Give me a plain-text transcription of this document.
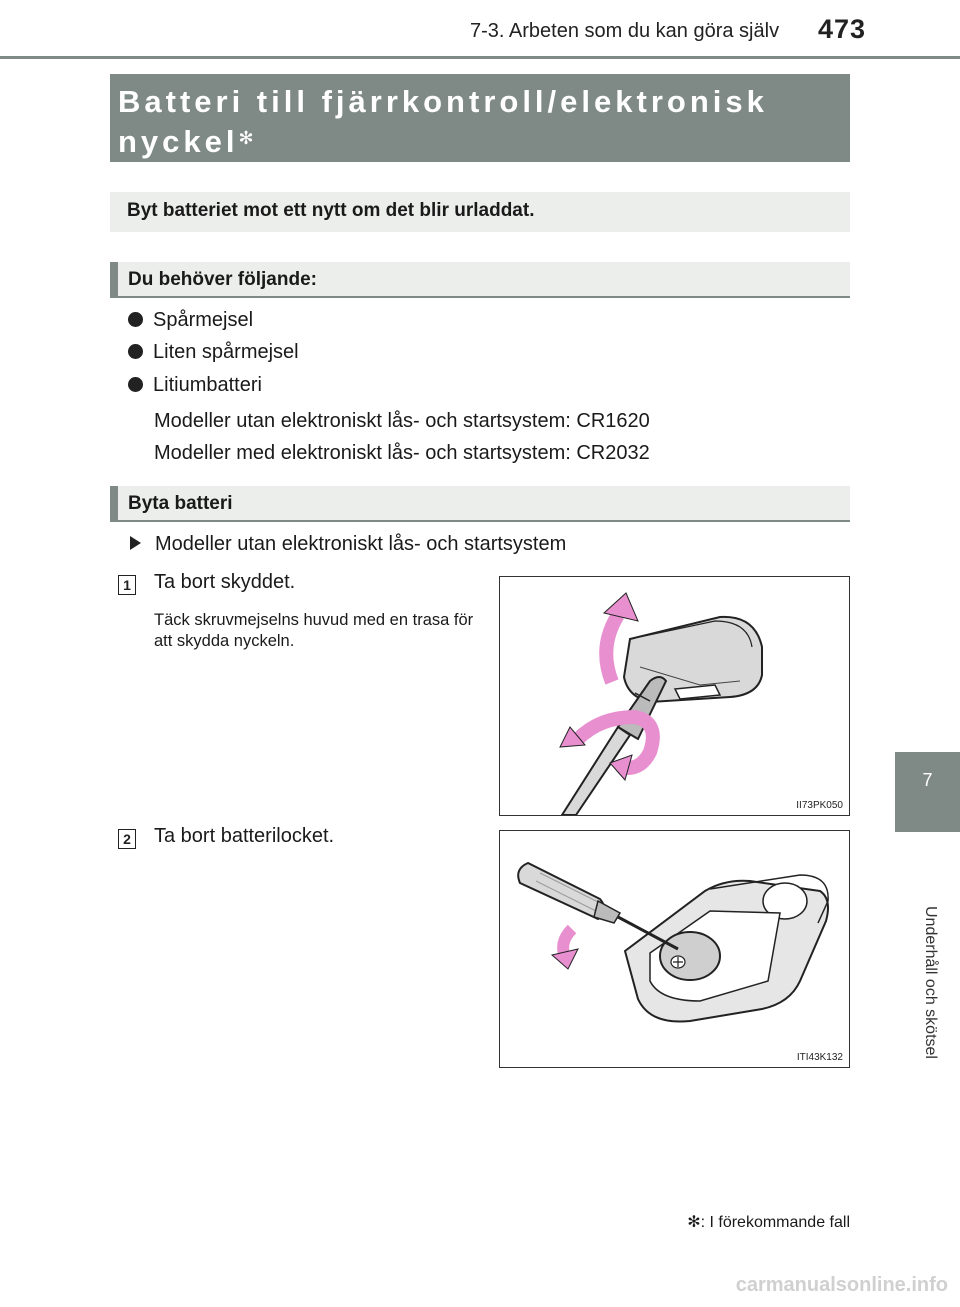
7-3. Arbeten som du kan göra själv 473
7
Underhåll och skötsel
Batteri till fjärrkontroll/elektronisk
nyckel✻
Byt batteriet mot ett nytt om det blir urladdat.
Du behöver följande:
Spårmejsel
Liten spårmejsel
Litiumbatteri
Modeller utan elektroniskt lås- och startsystem: CR1620
Modeller med elektroniskt lås- och startsystem: CR2032
Byta batteri
Modeller utan elektroniskt lås- och startsystem
1 Ta bort skyddet.
Täck skruvmejselns huvud med en trasa för att skydda nyckeln.
II73PK050
2 Ta bort batterilocket.
ITI43K132
✻: I förekommande fall
carmanualsonline.info
